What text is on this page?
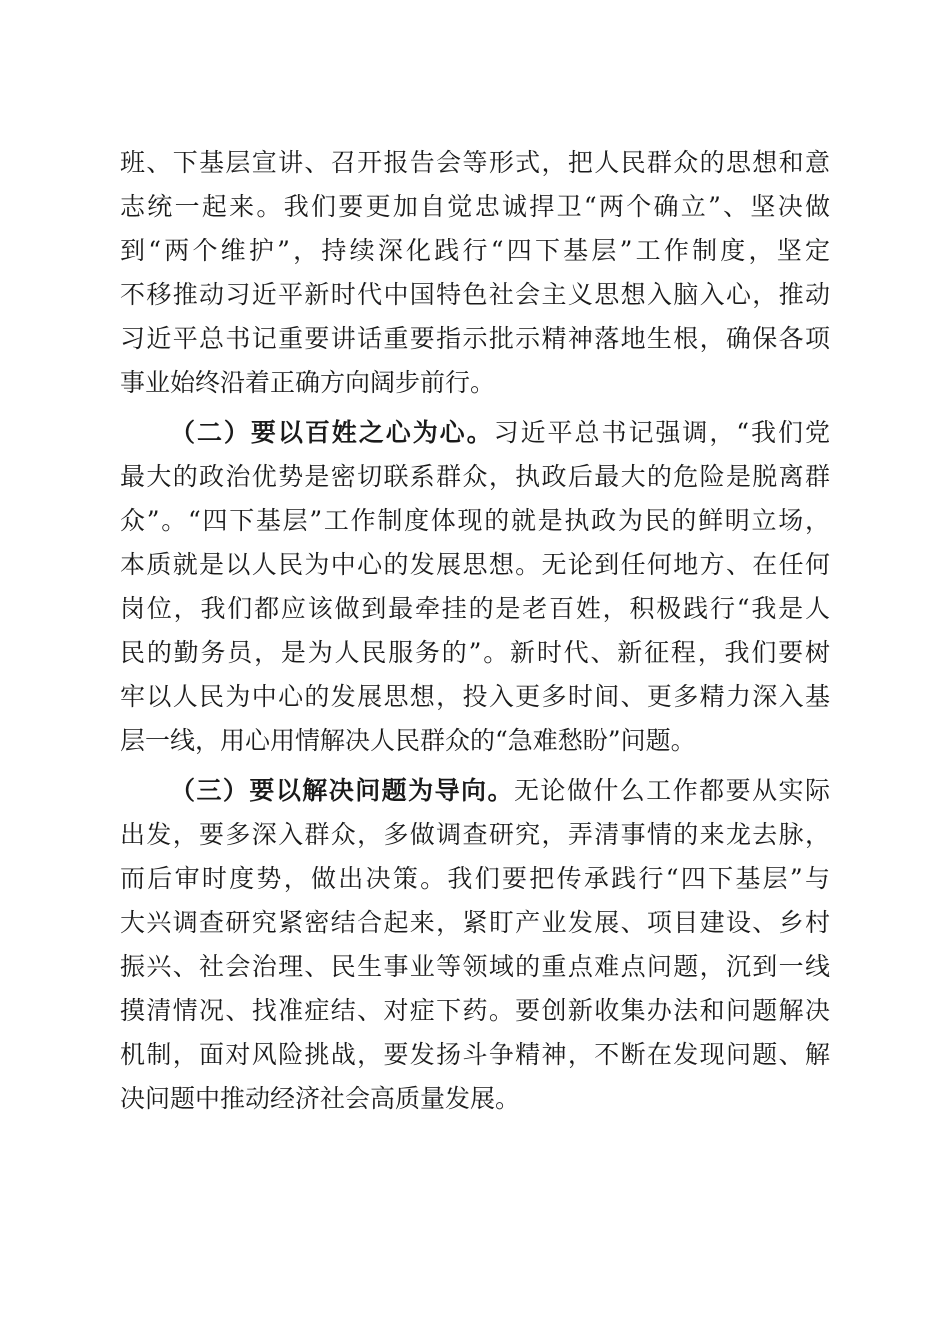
班、下基层宣讲、召开报告会等形式，把人民群众的思想和意
志统一起来。我们要更加自觉忠诚捍卫“两个确立”、坚决做
到“两个维护”，持续深化践行“四下基层”工作制度，坚定
不移推动习近平新时代中国特色社会主义思想入脑入心，推动
习近平总书记重要讲话重要指示批示精神落地生根，确保各项
事业始终沿着正确方向阔步前行。
（二）要以百姓之心为心。习近平总书记强调，“我们党
最大的政治优势是密切联系群众，执政后最大的危险是脱离群
众”。“四下基层”工作制度体现的就是执政为民的鲜明立场，
本质就是以人民为中心的发展思想。无论到任何地方、在任何
岗位，我们都应该做到最牵挂的是老百姓，积极践行“我是人
民的勤务员，是为人民服务的”。新时代、新征程，我们要树
牢以人民为中心的发展思想，投入更多时间、更多精力深入基
层一线，用心用情解决人民群众的“急难愁盼”问题。
（三）要以解决问题为导向。无论做什么工作都要从实际
出发，要多深入群众，多做调查研究，弄清事情的来龙去脉，
而后审时度势，做出决策。我们要把传承践行“四下基层”与
大兴调查研究紧密结合起来，紧盯产业发展、项目建设、乡村
振兴、社会治理、民生事业等领域的重点难点问题，沉到一线
摸清情况、找准症结、对症下药。要创新收集办法和问题解决
机制，面对风险挑战，要发扬斗争精神，不断在发现问题、解
决问题中推动经济社会高质量发展。
